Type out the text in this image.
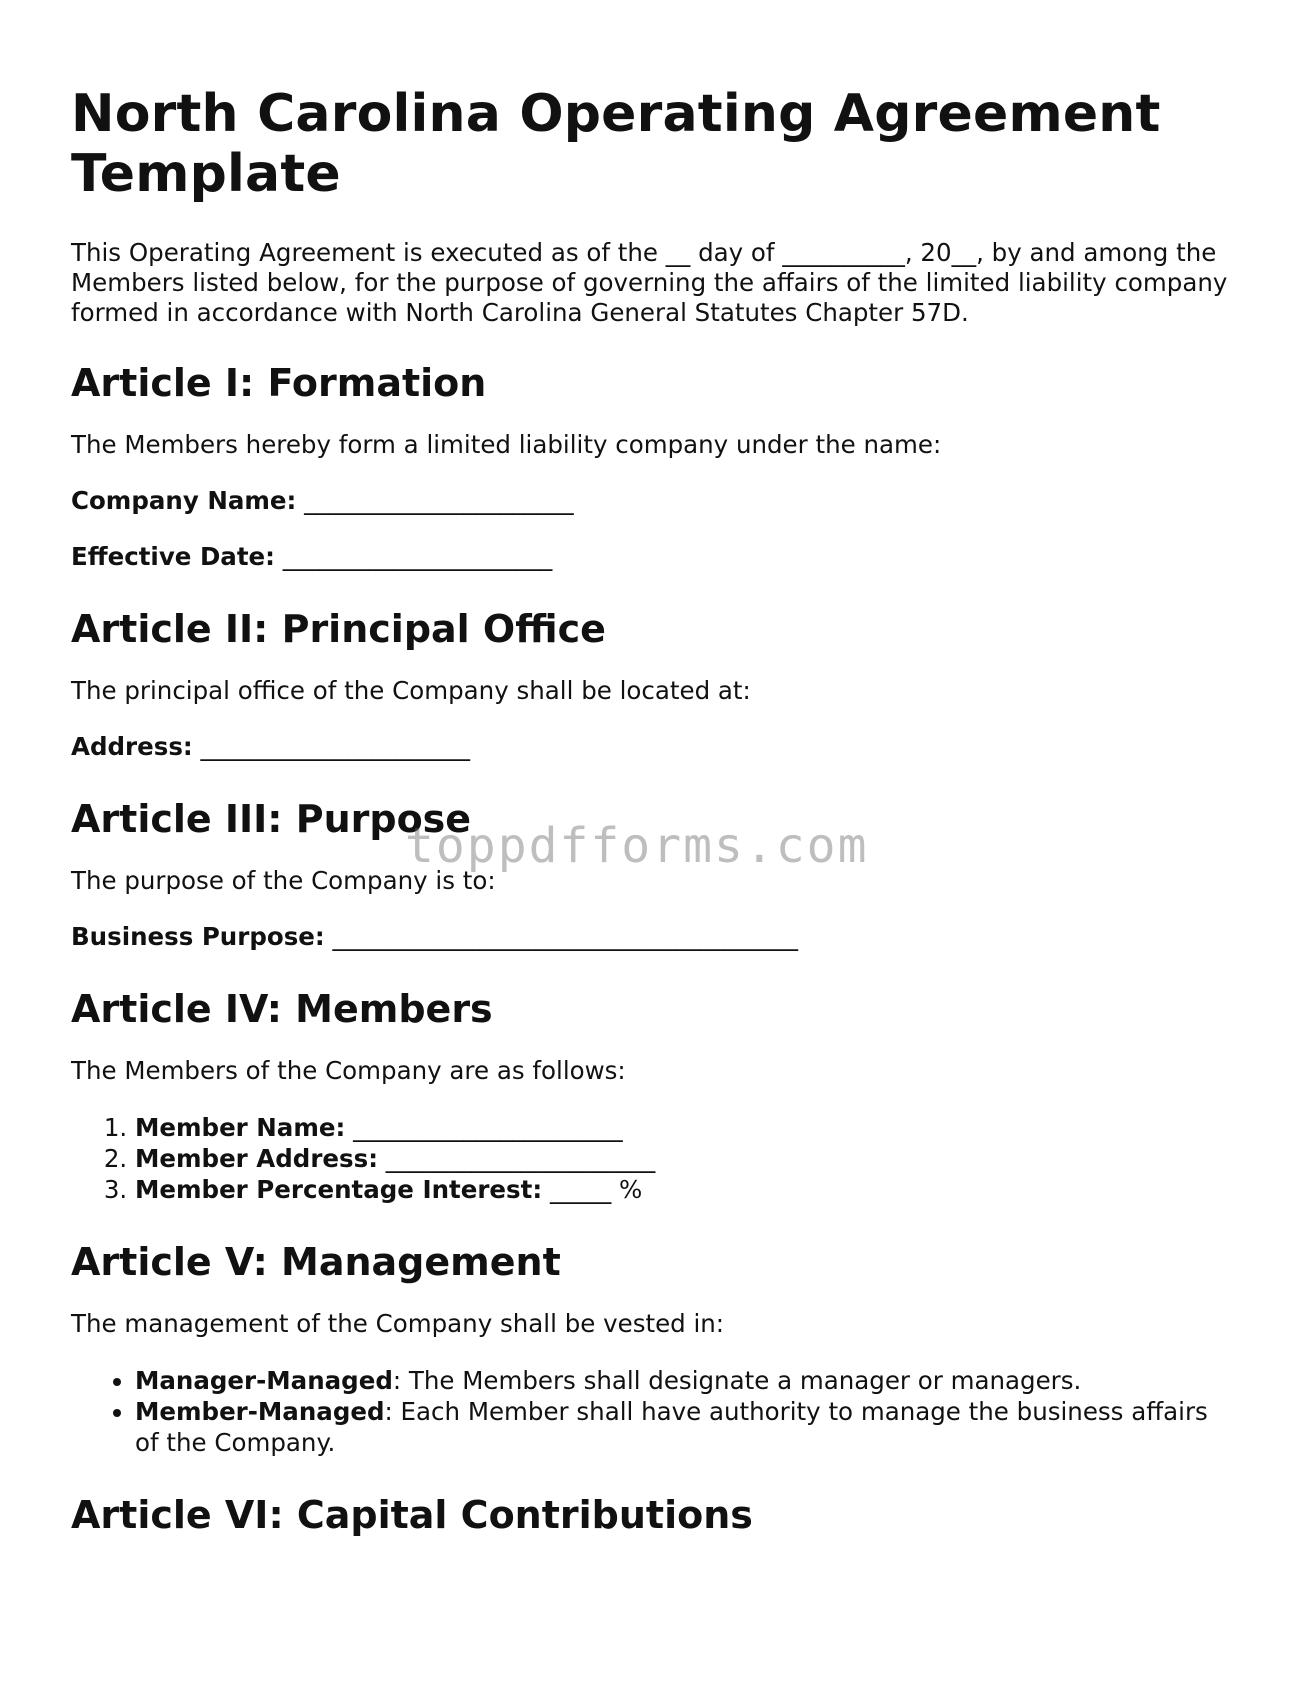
North Carolina Operating Agreement Template

This Operating Agreement is executed as of the __ day of __________, 20__, by and among the Members listed below, for the purpose of governing the affairs of the limited liability company formed in accordance with North Carolina General Statutes Chapter 57D.

Article I: Formation

The Members hereby form a limited liability company under the name:

Company Name: ______________________

Effective Date: ______________________

Article II: Principal Office

The principal office of the Company shall be located at:

Address: ______________________

Article III: Purpose

The purpose of the Company is to:

Business Purpose: ______________________________________

Article IV: Members

The Members of the Company are as follows:

1. Member Name: ______________________
2. Member Address: ______________________
3. Member Percentage Interest: _____ %
Article V: Management

The management of the Company shall be vested in:

• Manager-Managed: The Members shall designate a manager or managers.
• Member-Managed: Each Member shall have authority to manage the business affairs of the Company.
Article VI: Capital Contributions
toppdfforms.com
